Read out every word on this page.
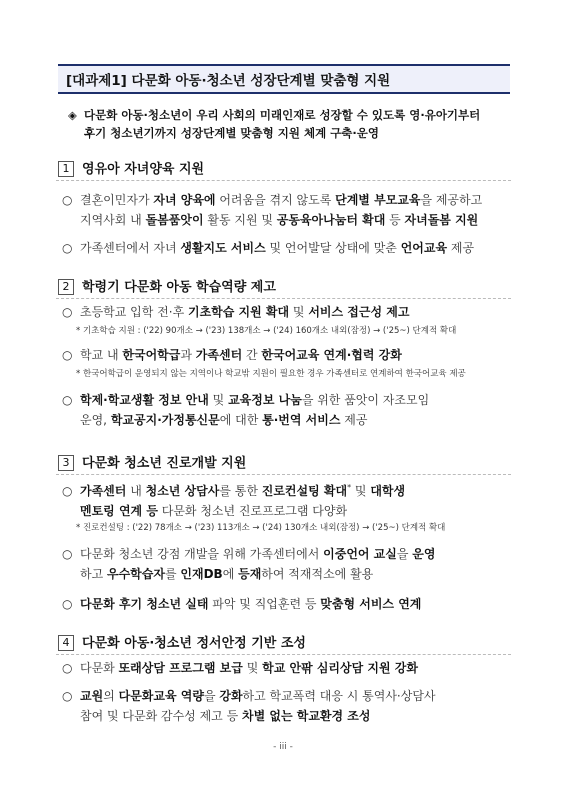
[대과제1] 다문화 아동·청소년 성장단계별 맞춤형 지원
◈ 다문화 아동·청소년이 우리 사회의 미래인재로 성장할 수 있도록 영·유아기부터
후기 청소년기까지 성장단계별 맞춤형 지원 체계 구축·운영
1 영유아 자녀양육 지원
○ 결혼이민자가 자녀 양육에 어려움을 겪지 않도록 단계별 부모교육을 제공하고
지역사회 내 돌봄품앗이 활동 지원 및 공동육아나눔터 확대 등 자녀돌봄 지원
○ 가족센터에서 자녀 생활지도 서비스 및 언어발달 상태에 맞춘 언어교육 제공
2 학령기 다문화 아동 학습역량 제고
○ 초등학교 입학 전·후 기초학습 지원 확대 및 서비스 접근성 제고
* 기초학습 지원 : ('22) 90개소 → ('23) 138개소 → ('24) 160개소 내외(잠정) → ('25~) 단계적 확대
○ 학교 내 한국어학급과 가족센터 간 한국어교육 연계·협력 강화
* 한국어학급이 운영되지 않는 지역이나 학교밖 지원이 필요한 경우 가족센터로 연계하여 한국어교육 제공
○ 학제·학교생활 정보 안내 및 교육정보 나눔을 위한 품앗이 자조모임
운영, 학교공지·가정통신문에 대한 통·번역 서비스 제공
3 다문화 청소년 진로개발 지원
○ 가족센터 내 청소년 상담사를 통한 진로컨설팅 확대* 및 대학생
멘토링 연계 등 다문화 청소년 진로프로그램 다양화
* 진로컨설팅 : ('22) 78개소 → ('23) 113개소 → ('24) 130개소 내외(잠정) → ('25~) 단계적 확대
○ 다문화 청소년 강점 개발을 위해 가족센터에서 이중언어 교실을 운영
하고 우수학습자를 인재DB에 등재하여 적재적소에 활용
○ 다문화 후기 청소년 실태 파악 및 직업훈련 등 맞춤형 서비스 연계
4 다문화 아동·청소년 정서안정 기반 조성
○ 다문화 또래상담 프로그램 보급 및 학교 안팎 심리상담 지원 강화
○ 교원의 다문화교육 역량을 강화하고 학교폭력 대응 시 통역사·상담사
참여 및 다문화 감수성 제고 등 차별 없는 학교환경 조성
- iii -
